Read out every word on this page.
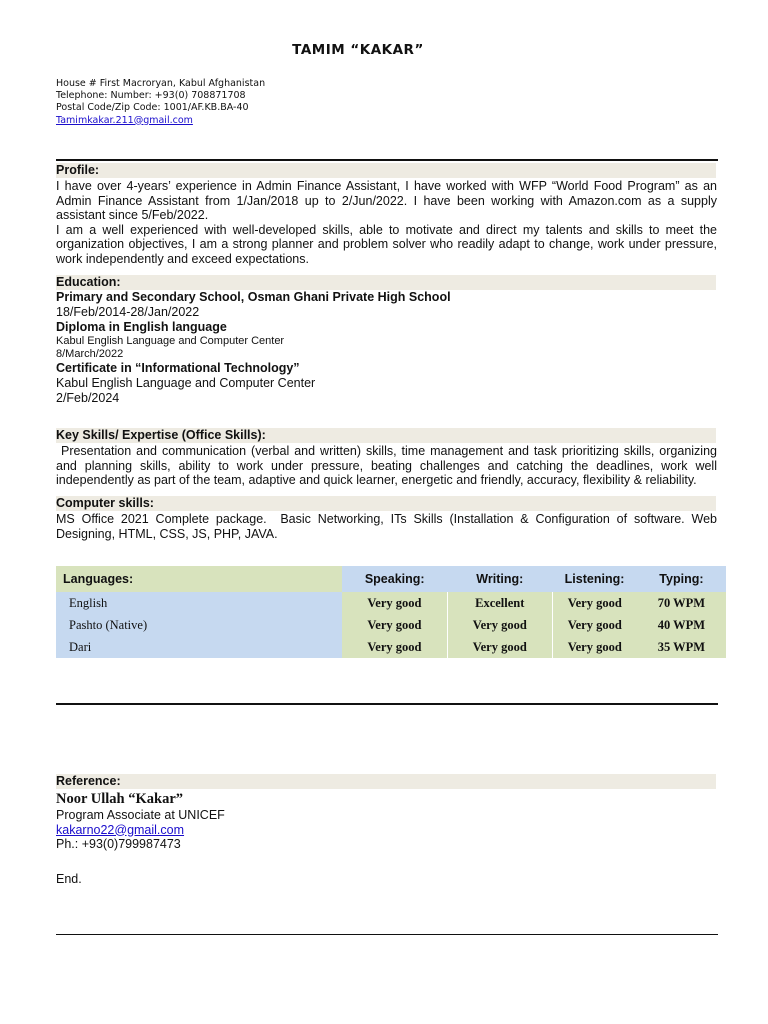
TAMIM “KAKAR”
House # First Macroryan, Kabul Afghanistan
Telephone: Number: +93(0) 708871708
Postal Code/Zip Code: 1001/AF.KB.BA-40
Tamimkakar.211@gmail.com
Profile:
I have over 4-years’ experience in Admin Finance Assistant, I have worked with WFP “World Food Program” as an Admin Finance Assistant from 1/Jan/2018 up to 2/Jun/2022. I have been working with Amazon.com as a supply assistant since 5/Feb/2022.
I am a well experienced with well-developed skills, able to motivate and direct my talents and skills to meet the organization objectives, I am a strong planner and problem solver who readily adapt to change, work under pressure, work independently and exceed expectations.
Education:
Primary and Secondary School, Osman Ghani Private High School
18/Feb/2014-28/Jan/2022
Diploma in English language
Kabul English Language and Computer Center
8/March/2022
Certificate in “Informational Technology”
Kabul English Language and Computer Center
2/Feb/2024
Key Skills/ Expertise (Office Skills):
Presentation and communication (verbal and written) skills, time management and task prioritizing skills, organizing and planning skills, ability to work under pressure, beating challenges and catching the deadlines, work well independently as part of the team, adaptive and quick learner, energetic and friendly, accuracy, flexibility & reliability.
Computer skills:
MS Office 2021 Complete package.  Basic Networking, ITs Skills (Installation & Configuration of software. Web Designing, HTML, CSS, JS, PHP, JAVA.
Languages:	Speaking:	Writing:	Listening:	Typing:
English	Very good	Excellent	Very good	70 WPM
Pashto (Native)	Very good	Very good	Very good	40 WPM
Dari	Very good	Very good	Very good	35 WPM
Reference:
Noor Ullah “Kakar”
Program Associate at UNICEF
kakarno22@gmail.com
Ph.: +93(0)799987473
End.
